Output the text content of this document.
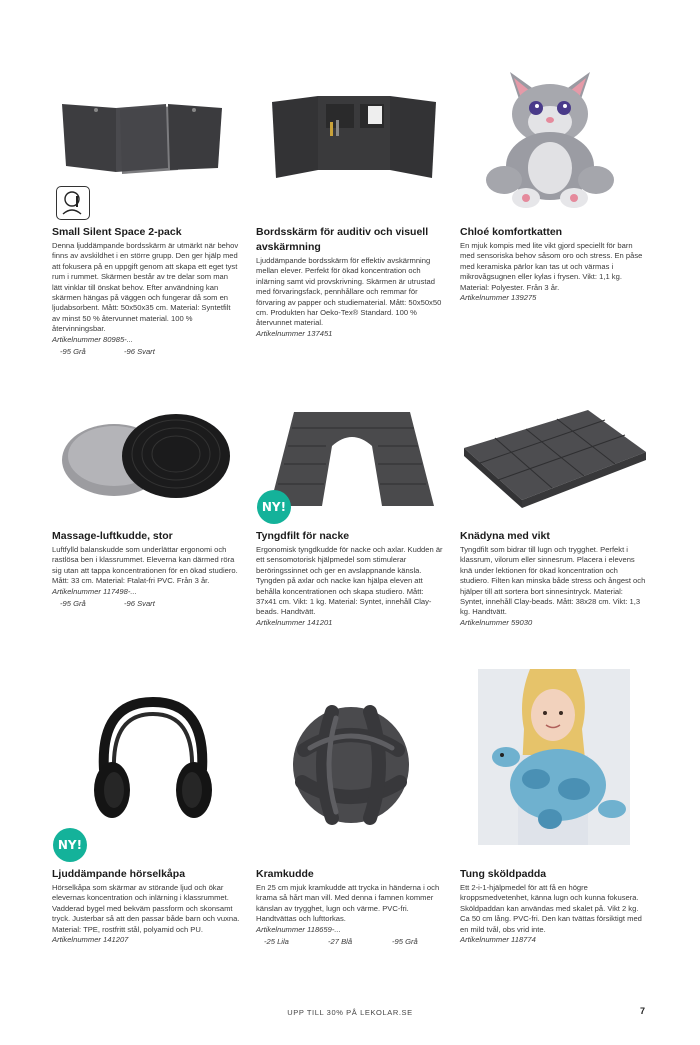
Small Silent Space 2-pack
Denna ljuddämpande bordsskärm är utmärkt när behov finns av avskildhet i en större grupp. Den ger hjälp med att fokusera på en uppgift genom att skapa ett eget tyst rum i rummet. Skärmen består av tre delar som man lätt vinklar till önskat behov. Efter användning kan skärmen hängas på väggen och fungerar då som en ljudabsorbent. Mått: 50x50x35 cm. Material: Syntetfilt av minst 50 % återvunnet material. 100 % återvinningsbar.
Artikelnummer 80985-...
-95 Grå	-96 Svart
Bordsskärm för auditiv och visuell avskärmning
Ljuddämpande bordsskärm för effektiv avskärmning mellan elever. Perfekt för ökad koncentration och inlärning samt vid provskrivning. Skärmen är utrustad med förvaringsfack, pennhållare och remmar för förvaring av papper och studiematerial. Mått: 50x50x50 cm. Produkten har Oeko-Tex® Standard. 100 % återvunnet material.
Artikelnummer 137451
Chloé komfortkatten
En mjuk kompis med lite vikt gjord speciellt för barn med sensoriska behov såsom oro och stress. En påse med keramiska pärlor kan tas ut och värmas i mikrovågsugnen eller kylas i frysen. Vikt: 1,1 kg. Material: Polyester. Från 3 år.
Artikelnummer 139275
Massage-luftkudde, stor
Luftfylld balanskudde som underlättar ergonomi och rastlösa ben i klassrummet. Eleverna kan därmed röra sig utan att tappa koncentrationen för en ökad studiero. Mått: 33 cm. Material: Ftalat-fri PVC. Från 3 år.
Artikelnummer 117498-...
-95 Grå	-96 Svart
NY!
Tyngdfilt för nacke
Ergonomisk tyngdkudde för nacke och axlar. Kudden är ett sensomotorisk hjälpmedel som stimulerar beröringssinnet och ger en avslappnande känsla. Tyngden på axlar och nacke kan hjälpa eleven att behålla koncentrationen och skapa studiero. Mått: 37x41 cm. Vikt: 1 kg. Material: Syntet, innehåll Clay-beads. Handtvätt.
Artikelnummer 141201
Knädyna med vikt
Tyngdfilt som bidrar till lugn och trygghet. Perfekt i klassrum, vilorum eller sinnesrum. Placera i elevens knä under lektionen för ökad koncentration och studiero. Filten kan minska både stress och ångest och hjälper till att sortera bort sinnesintryck. Material: Syntet, innehåll Clay-beads. Mått: 38x28 cm. Vikt: 1,3 kg. Handtvätt.
Artikelnummer 59030
NY!
Ljuddämpande hörselkåpa
Hörselkåpa som skärmar av störande ljud och ökar elevernas koncentration och inlärning i klassrummet. Vadderad bygel med bekväm passform och skonsamt tryck. Justerbar så att den passar både barn och vuxna. Material: TPE, rostfritt stål, polyamid och PU.
Artikelnummer 141207
Kramkudde
En 25 cm mjuk kramkudde att trycka in händerna i och krama så hårt man vill. Med denna i famnen kommer känslan av trygghet, lugn och värme. PVC-fri. Handtvättas och lufttorkas.
Artikelnummer 118659-...
-25 Lila	-27 Blå	-95 Grå
Tung sköldpadda
Ett 2-i-1-hjälpmedel för att få en högre kroppsmedvetenhet, känna lugn och kunna fokusera. Sköldpaddan kan användas med skalet på. Vikt 2 kg. Ca 50 cm lång. PVC-fri. Den kan tvättas försiktigt med en mild tvål, obs vrid inte.
Artikelnummer 118774
UPP TILL 30% PÅ LEKOLAR.SE	7
